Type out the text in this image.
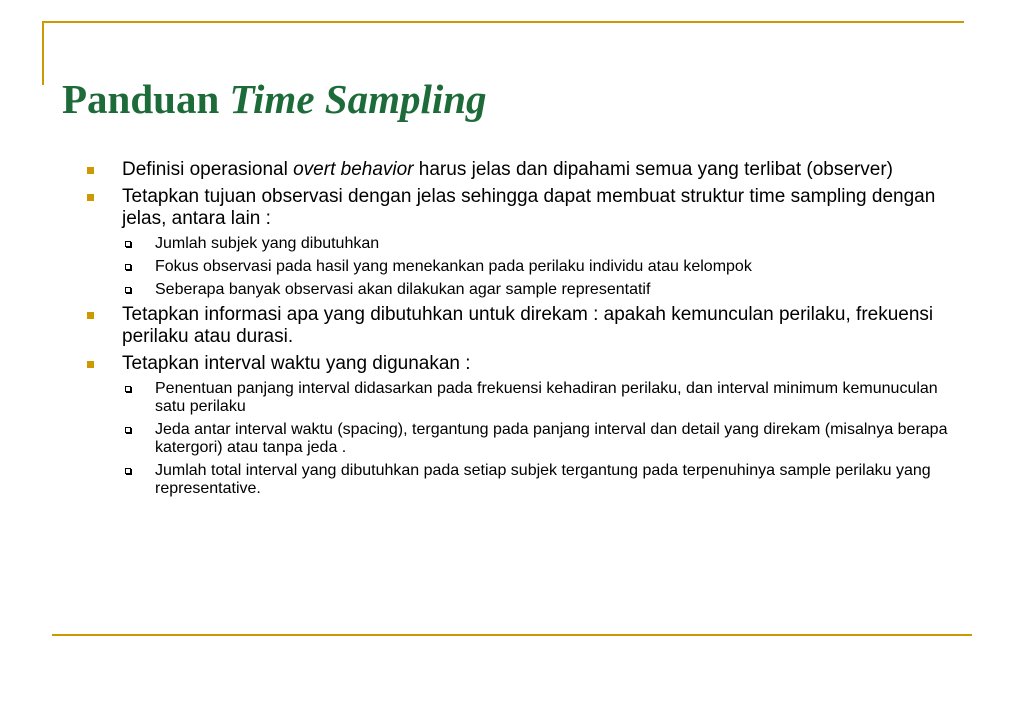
Panduan Time Sampling
Definisi operasional overt behavior harus jelas dan dipahami semua yang terlibat (observer)
Tetapkan tujuan observasi dengan jelas sehingga dapat membuat struktur time sampling dengan jelas, antara lain :
Jumlah subjek yang dibutuhkan
Fokus observasi pada hasil yang menekankan pada perilaku individu atau kelompok
Seberapa banyak observasi akan dilakukan agar sample representatif
Tetapkan informasi apa yang dibutuhkan untuk direkam : apakah kemunculan perilaku, frekuensi perilaku atau durasi.
Tetapkan interval waktu yang digunakan :
Penentuan panjang interval didasarkan pada frekuensi kehadiran perilaku, dan interval minimum kemunuculan satu perilaku
Jeda antar interval waktu (spacing), tergantung pada panjang interval dan detail yang direkam (misalnya berapa katergori) atau tanpa jeda .
Jumlah total interval yang dibutuhkan pada setiap subjek tergantung pada terpenuhinya sample perilaku yang representative.
